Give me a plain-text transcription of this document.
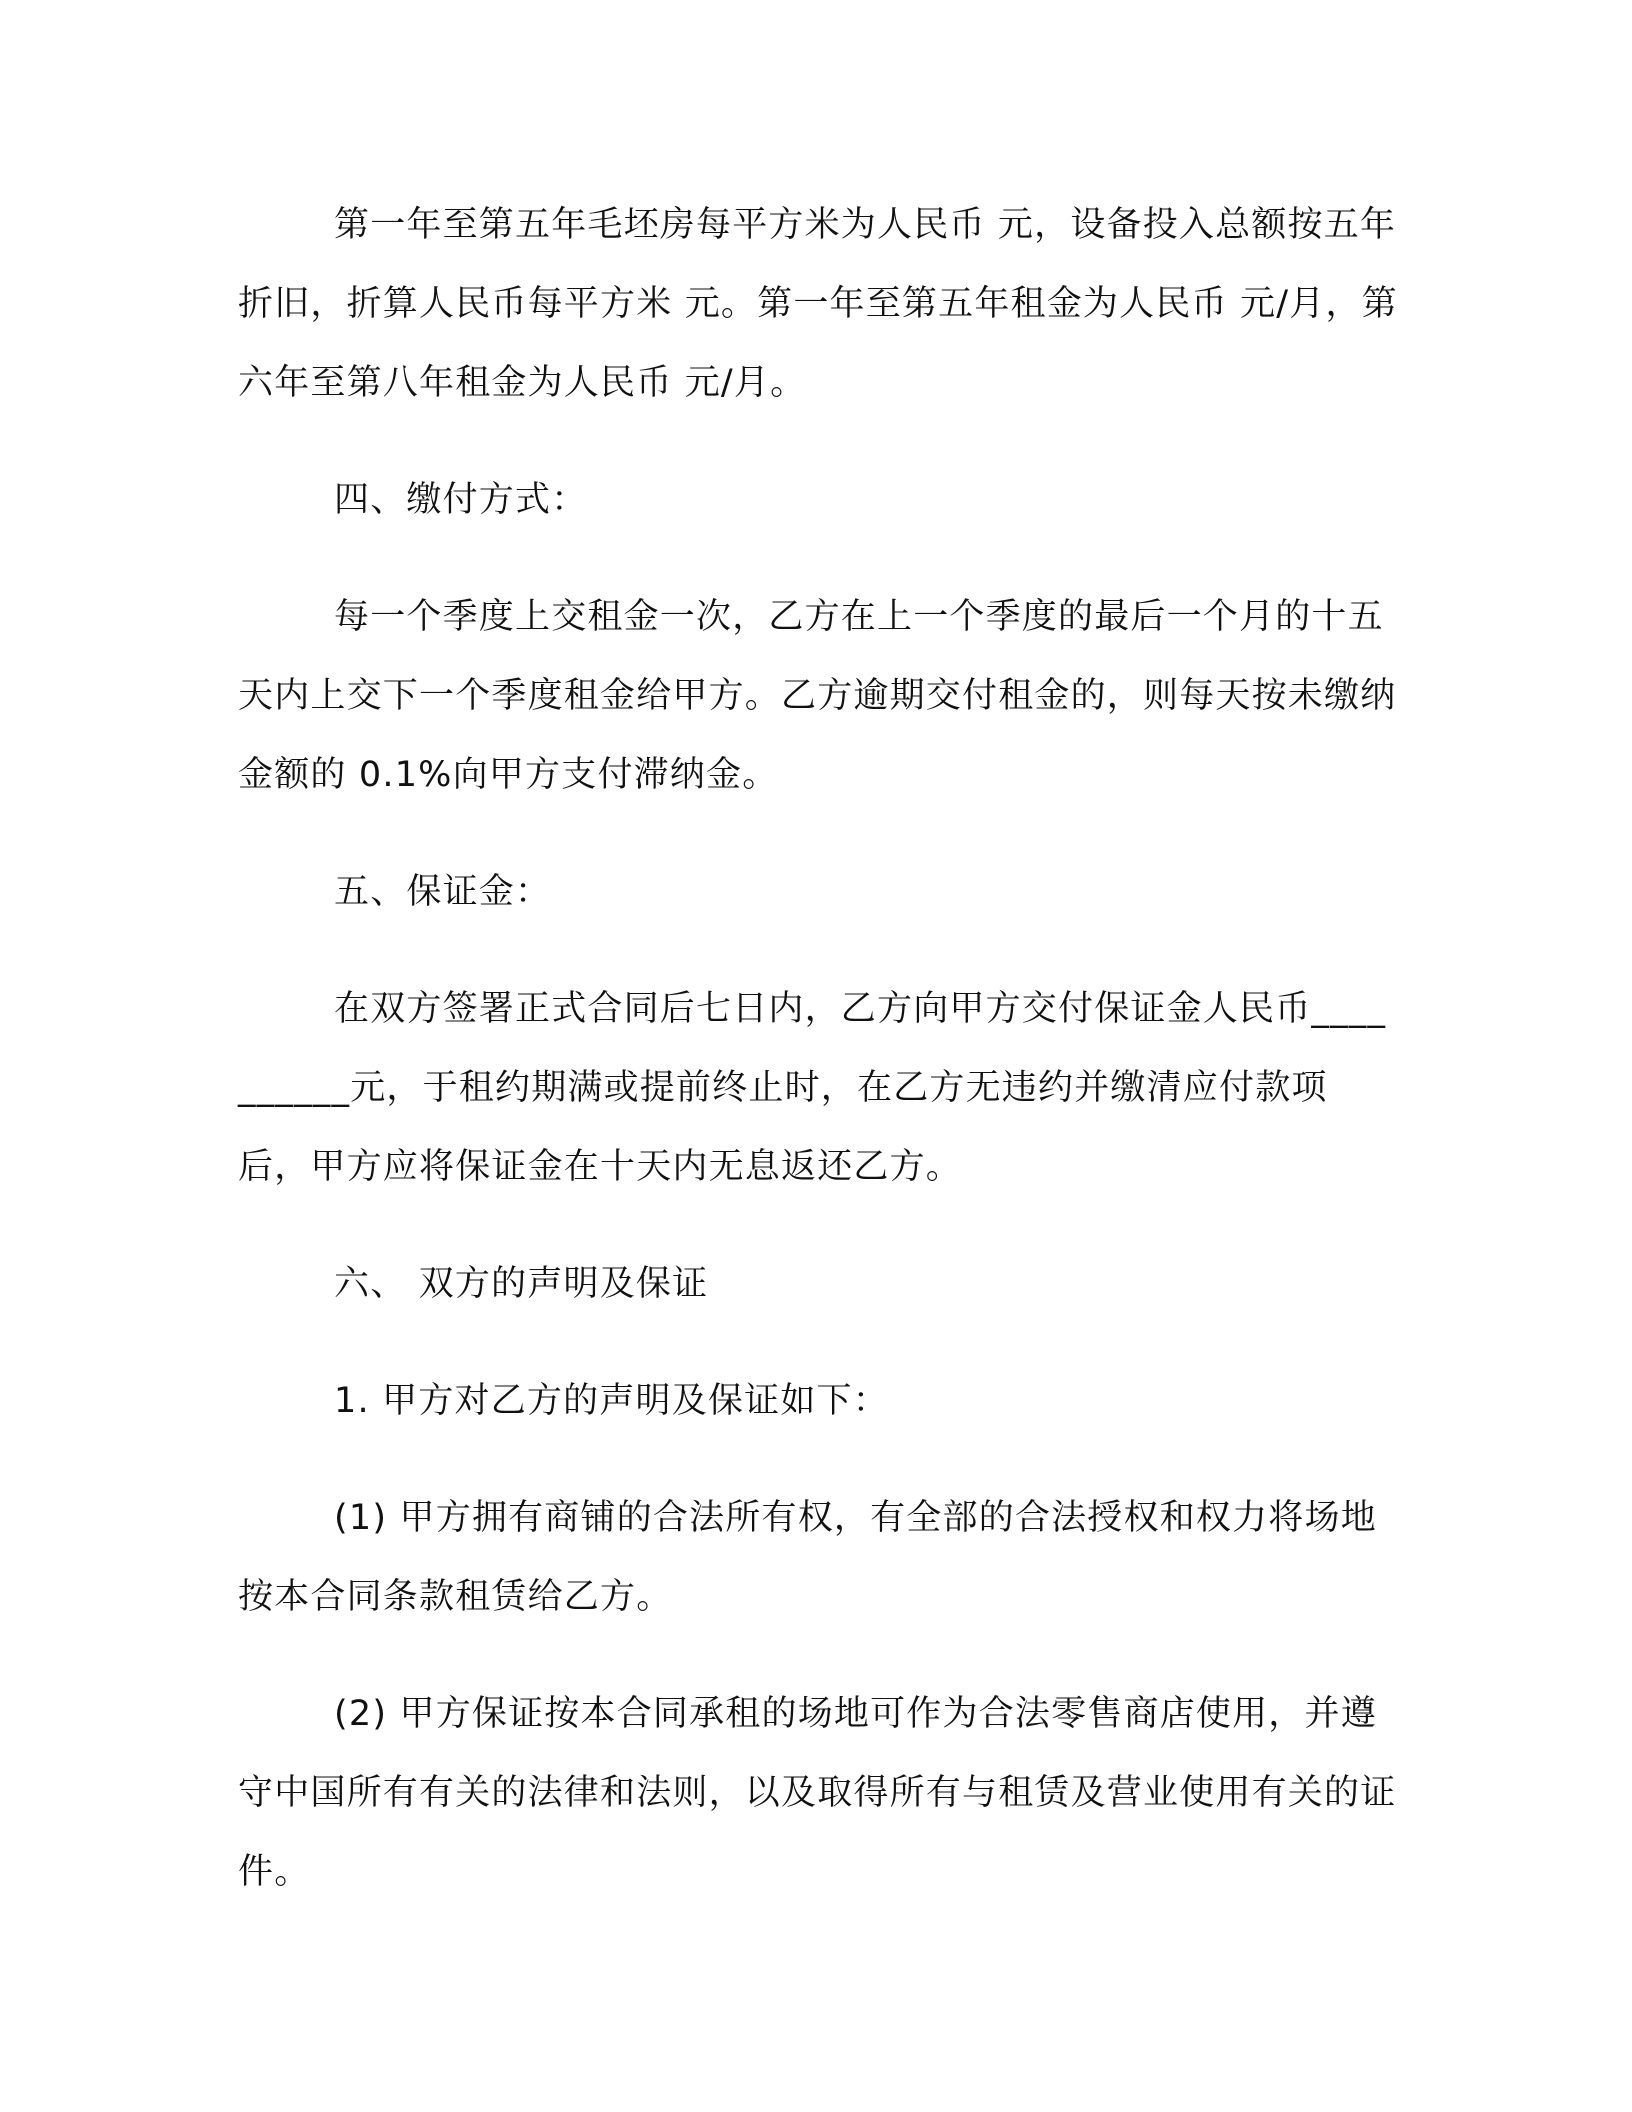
第一年至第五年毛坯房每平方米为人民币 元，设备投入总额按五年折旧，折算人民币每平方米 元。第一年至第五年租金为人民币 元/月，第六年至第八年租金为人民币 元/月。

四、缴付方式：

每一个季度上交租金一次，乙方在上一个季度的最后一个月的十五天内上交下一个季度租金给甲方。乙方逾期交付租金的，则每天按未缴纳金额的 0.1%向甲方支付滞纳金。

五、保证金：

在双方签署正式合同后七日内，乙方向甲方交付保证金人民币__________元，于租约期满或提前终止时，在乙方无违约并缴清应付款项后，甲方应将保证金在十天内无息返还乙方。

六、 双方的声明及保证

1. 甲方对乙方的声明及保证如下：

(1) 甲方拥有商铺的合法所有权，有全部的合法授权和权力将场地按本合同条款租赁给乙方。

(2) 甲方保证按本合同承租的场地可作为合法零售商店使用，并遵守中国所有有关的法律和法则，以及取得所有与租赁及营业使用有关的证件。
